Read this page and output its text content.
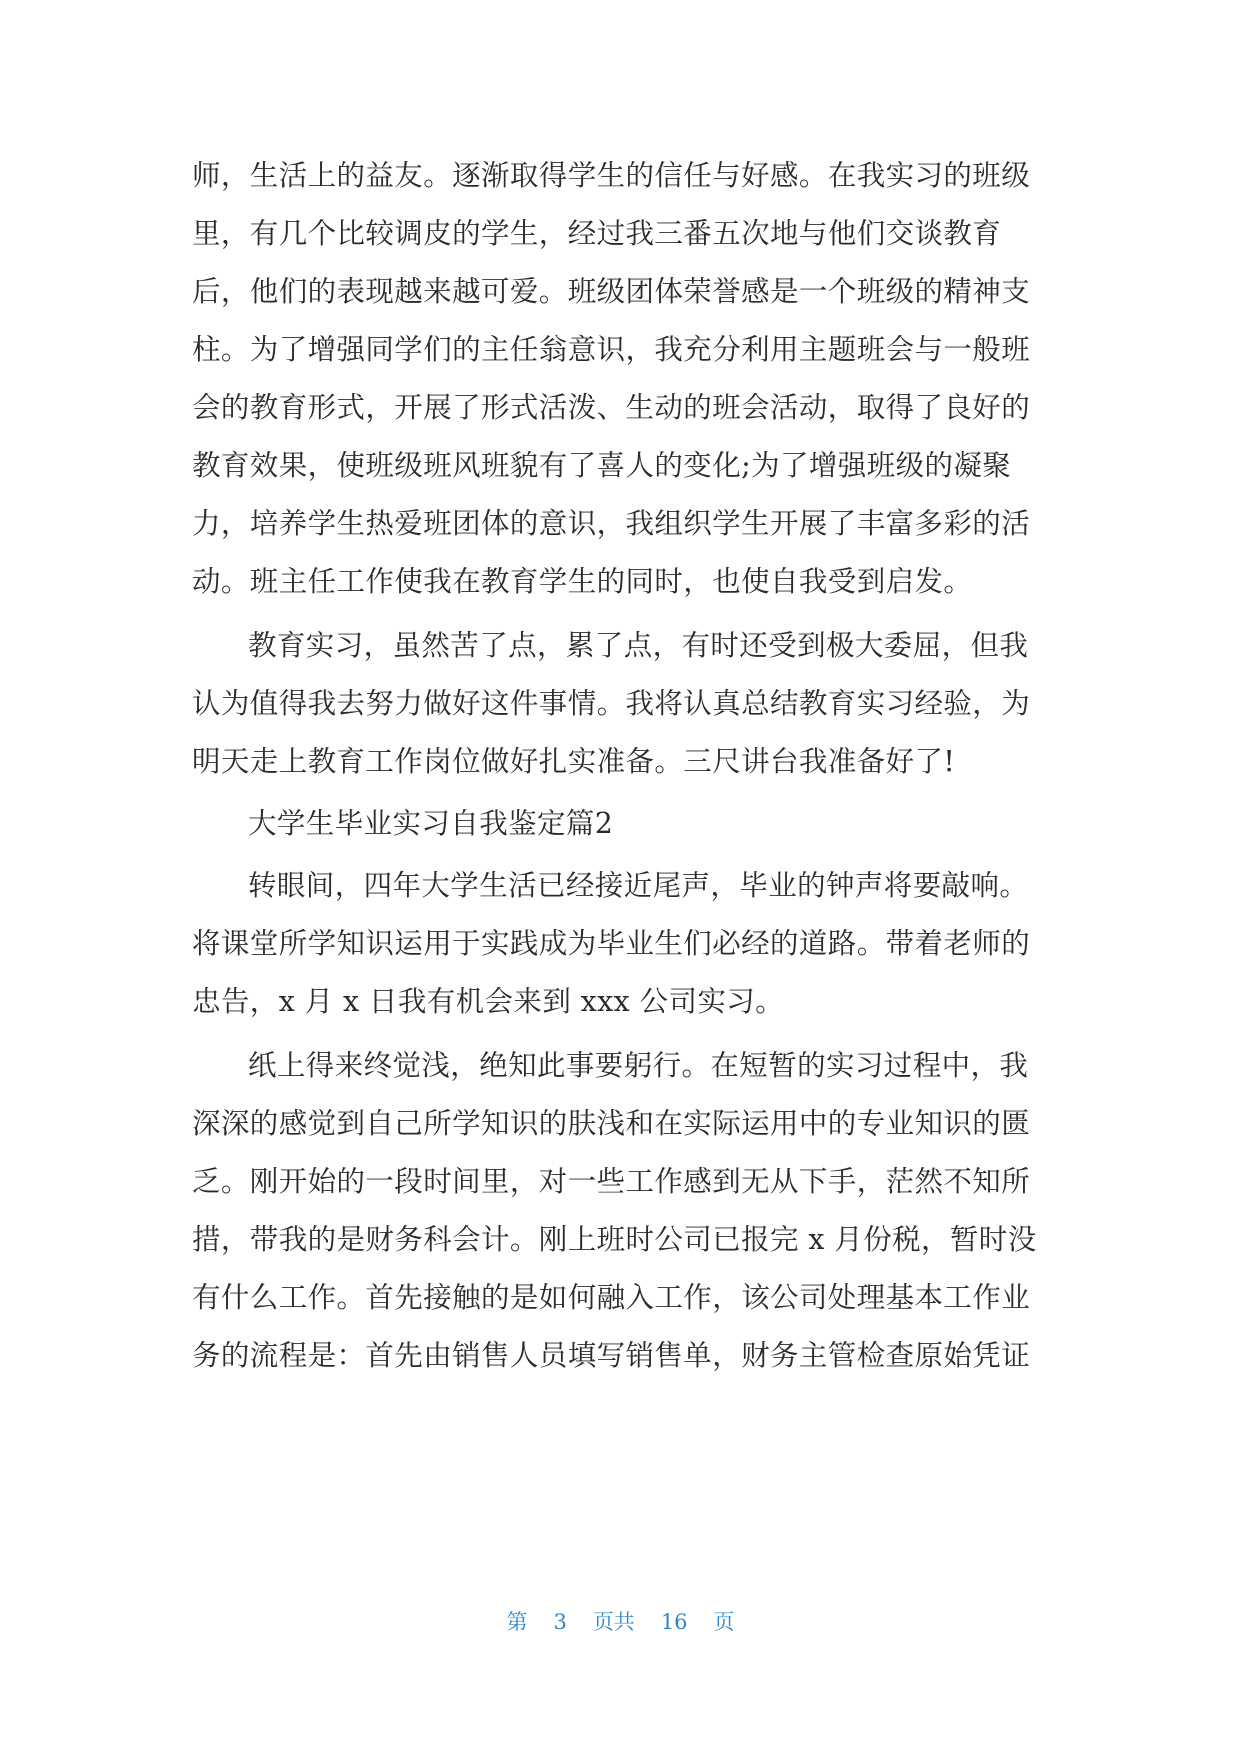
师，生活上的益友。逐渐取得学生的信任与好感。在我实习的班级
里，有几个比较调皮的学生，经过我三番五次地与他们交谈教育
后，他们的表现越来越可爱。班级团体荣誉感是一个班级的精神支
柱。为了增强同学们的主任翁意识，我充分利用主题班会与一般班
会的教育形式，开展了形式活泼、生动的班会活动，取得了良好的
教育效果，使班级班风班貌有了喜人的变化;为了增强班级的凝聚
力，培养学生热爱班团体的意识，我组织学生开展了丰富多彩的活
动。班主任工作使我在教育学生的同时，也使自我受到启发。
教育实习，虽然苦了点，累了点，有时还受到极大委屈，但我
认为值得我去努力做好这件事情。我将认真总结教育实习经验，为
明天走上教育工作岗位做好扎实准备。三尺讲台我准备好了!
大学生毕业实习自我鉴定篇2
转眼间，四年大学生活已经接近尾声，毕业的钟声将要敲响。
将课堂所学知识运用于实践成为毕业生们必经的道路。带着老师的
忠告，x 月 x 日我有机会来到 xxx 公司实习。
纸上得来终觉浅，绝知此事要躬行。在短暂的实习过程中，我
深深的感觉到自己所学知识的肤浅和在实际运用中的专业知识的匮
乏。刚开始的一段时间里，对一些工作感到无从下手，茫然不知所
措，带我的是财务科会计。刚上班时公司已报完 x 月份税，暂时没
有什么工作。首先接触的是如何融入工作，该公司处理基本工作业
务的流程是：首先由销售人员填写销售单，财务主管检查原始凭证
第 3 页共 16 页
